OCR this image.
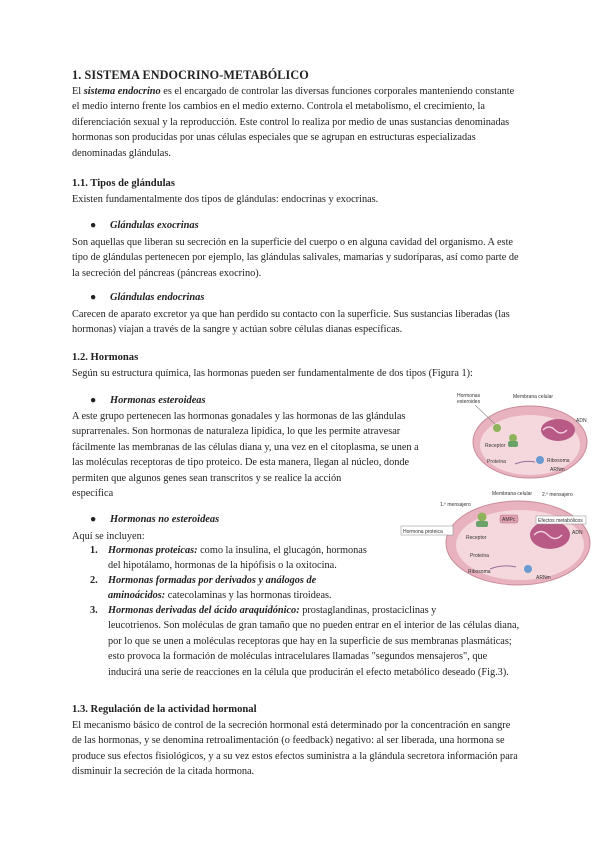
1. SISTEMA ENDOCRINO-METABÓLICO

El sistema endocrino es el encargado de controlar las diversas funciones corporales manteniendo constante el medio interno frente los cambios en el medio externo. Controla el metabolismo, el crecimiento, la diferenciación sexual y la reproducción. Este control lo realiza por medio de unas sustancias denominadas hormonas son producidas por unas células especiales que se agrupan en estructuras especializadas denominadas glándulas.

1.1. Tipos de glándulas

Existen fundamentalmente dos tipos de glándulas: endocrinas y exocrinas.

● Glándulas exocrinas

Son aquellas que liberan su secreción en la superficie del cuerpo o en alguna cavidad del organismo. A este tipo de glándulas pertenecen por ejemplo, las glándulas salivales, mamarias y sudoríparas, así como parte de la secreción del páncreas (páncreas exocrino).

● Glándulas endocrinas

Carecen de aparato excretor ya que han perdido su contacto con la superficie. Sus sustancias liberadas (las hormonas) viajan a través de la sangre y actúan sobre células dianas específicas.

1.2. Hormonas

Según su estructura química, las hormonas pueden ser fundamentalmente de dos tipos (Figura 1):

● Hormonas esteroideas
A este grupo pertenecen las hormonas gonadales y las hormonas de las glándulas
suprarrenales. Son hormonas de naturaleza lipídica, lo que les permite atravesar
fácilmente las membranas de las células diana y, una vez en el citoplasma, se unen a
las moléculas receptoras de tipo proteico. De esta manera, llegan al núcleo, donde
permiten que algunos genes sean transcritos y se realice la acción
específica
● Hormonas no esteroideas

Aquí se incluyen:

1. Hormonas proteicas: como la insulina, el glucagón, hormonas
del hipotálamo, hormonas de la hipófisis o la oxitocina.
2. Hormonas formadas por derivados y análogos de
aminoácidos: catecolaminas y las hormonas tiroideas.
3. Hormonas derivadas del ácido araquidónico: prostaglandinas, prostaciclinas y
leucotrienos. Son moléculas de gran tamaño que no pueden entrar en el interior de las células diana, por lo que se unen a moléculas receptoras que hay en la superficie de sus membranas plasmáticas; esto provoca la formación de moléculas intracelulares llamadas "segundos mensajeros", que inducirá una serie de reacciones en la célula que producirán el efecto metabólico deseado (Fig.3).
1.3. Regulación de la actividad hormonal

El mecanismo básico de control de la secreción hormonal está determinado por la concentración en sangre de las hormonas, y se denomina retroalimentación (o feedback) negativo: al ser liberada, una hormona se produce sus efectos fisiológicos, y a su vez estos efectos suministra a la glándula secretora información para disminuir la secreción de la citada hormona.

Hormonas
esteroides
Membrana celular
ADN
Receptor
Proteína	Ribosoma
ARNm
Membrana celular 2.º mensajero
1.º mensajero
Hormona proteica
Efectos metabólicos
AMPc
ADN
Receptor
Proteína
Ribosoma
ARNm
